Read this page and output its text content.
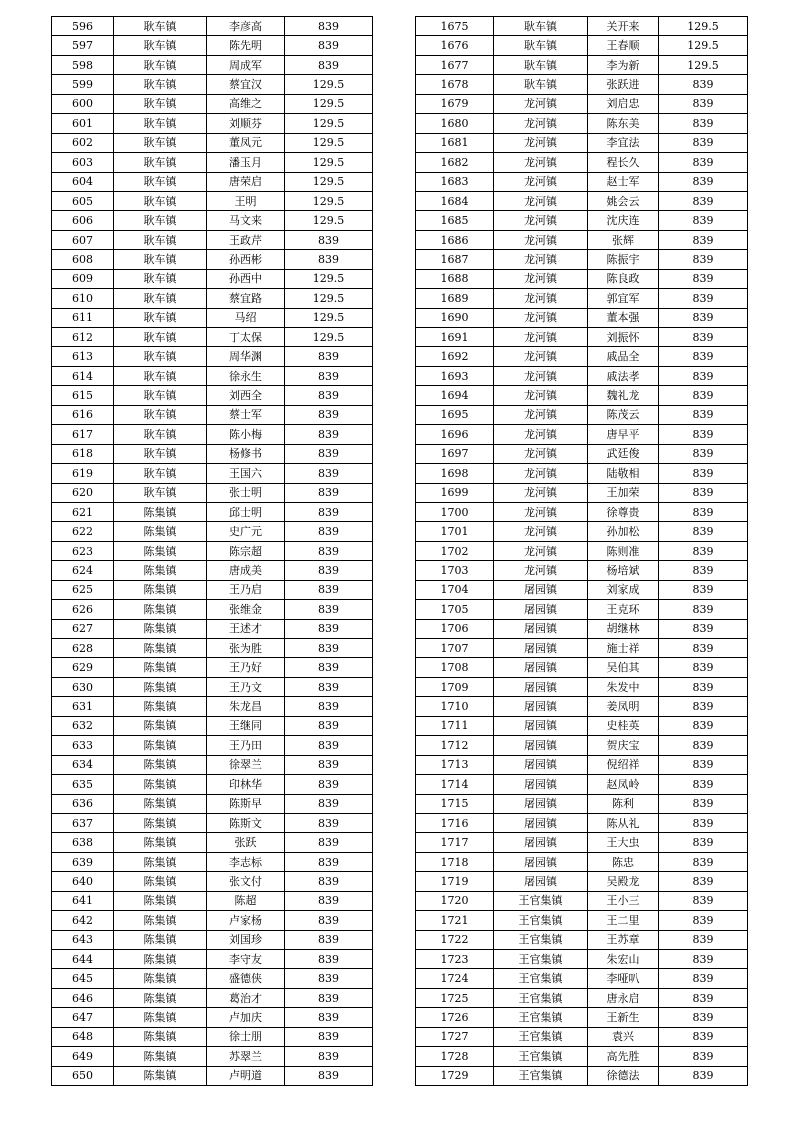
596	耿车镇	李彦高	839
597	耿车镇	陈先明	839
598	耿车镇	周成军	839
599	耿车镇	蔡宜汉	129.5
600	耿车镇	高维之	129.5
601	耿车镇	刘顺芬	129.5
602	耿车镇	董凤元	129.5
603	耿车镇	潘玉月	129.5
604	耿车镇	唐荣启	129.5
605	耿车镇	王明	129.5
606	耿车镇	马文来	129.5
607	耿车镇	王政芹	839
608	耿车镇	孙西彬	839
609	耿车镇	孙西中	129.5
610	耿车镇	蔡宜路	129.5
611	耿车镇	马绍	129.5
612	耿车镇	丁太保	129.5
613	耿车镇	周华渊	839
614	耿车镇	徐永生	839
615	耿车镇	刘西全	839
616	耿车镇	蔡士军	839
617	耿车镇	陈小梅	839
618	耿车镇	杨修书	839
619	耿车镇	王国六	839
620	耿车镇	张士明	839
621	陈集镇	邱士明	839
622	陈集镇	史广元	839
623	陈集镇	陈宗超	839
624	陈集镇	唐成美	839
625	陈集镇	王乃启	839
626	陈集镇	张维金	839
627	陈集镇	王述才	839
628	陈集镇	张为胜	839
629	陈集镇	王乃好	839
630	陈集镇	王乃文	839
631	陈集镇	朱龙昌	839
632	陈集镇	王继同	839
633	陈集镇	王乃田	839
634	陈集镇	徐翠兰	839
635	陈集镇	印林华	839
636	陈集镇	陈斯早	839
637	陈集镇	陈斯文	839
638	陈集镇	张跃	839
639	陈集镇	李志标	839
640	陈集镇	张文付	839
641	陈集镇	陈超	839
642	陈集镇	卢家杨	839
643	陈集镇	刘国珍	839
644	陈集镇	李守友	839
645	陈集镇	盛德侠	839
646	陈集镇	葛治才	839
647	陈集镇	卢加庆	839
648	陈集镇	徐士朋	839
649	陈集镇	苏翠兰	839
650	陈集镇	卢明道	839
1675	耿车镇	关开来	129.5
1676	耿车镇	王春顺	129.5
1677	耿车镇	李为新	129.5
1678	耿车镇	张跃进	839
1679	龙河镇	刘启忠	839
1680	龙河镇	陈东美	839
1681	龙河镇	李宜法	839
1682	龙河镇	程长久	839
1683	龙河镇	赵士军	839
1684	龙河镇	姚会云	839
1685	龙河镇	沈庆连	839
1686	龙河镇	张辉	839
1687	龙河镇	陈振宇	839
1688	龙河镇	陈良政	839
1689	龙河镇	郭宜军	839
1690	龙河镇	董本强	839
1691	龙河镇	刘振怀	839
1692	龙河镇	戚品全	839
1693	龙河镇	戚法孝	839
1694	龙河镇	魏礼龙	839
1695	龙河镇	陈茂云	839
1696	龙河镇	唐早平	839
1697	龙河镇	武廷俊	839
1698	龙河镇	陆敬相	839
1699	龙河镇	王加荣	839
1700	龙河镇	徐尊贵	839
1701	龙河镇	孙加松	839
1702	龙河镇	陈则准	839
1703	龙河镇	杨培斌	839
1704	屠园镇	刘家成	839
1705	屠园镇	王克环	839
1706	屠园镇	胡继林	839
1707	屠园镇	施士祥	839
1708	屠园镇	吴伯其	839
1709	屠园镇	朱发中	839
1710	屠园镇	姜凤明	839
1711	屠园镇	史桂英	839
1712	屠园镇	贺庆宝	839
1713	屠园镇	倪绍祥	839
1714	屠园镇	赵凤岭	839
1715	屠园镇	陈利	839
1716	屠园镇	陈从礼	839
1717	屠园镇	王大虫	839
1718	屠园镇	陈忠	839
1719	屠园镇	吴殿龙	839
1720	王官集镇	王小三	839
1721	王官集镇	王二里	839
1722	王官集镇	王苏章	839
1723	王官集镇	朱宏山	839
1724	王官集镇	李哑叭	839
1725	王官集镇	唐永启	839
1726	王官集镇	王新生	839
1727	王官集镇	袁兴	839
1728	王官集镇	高先胜	839
1729	王官集镇	徐德法	839
